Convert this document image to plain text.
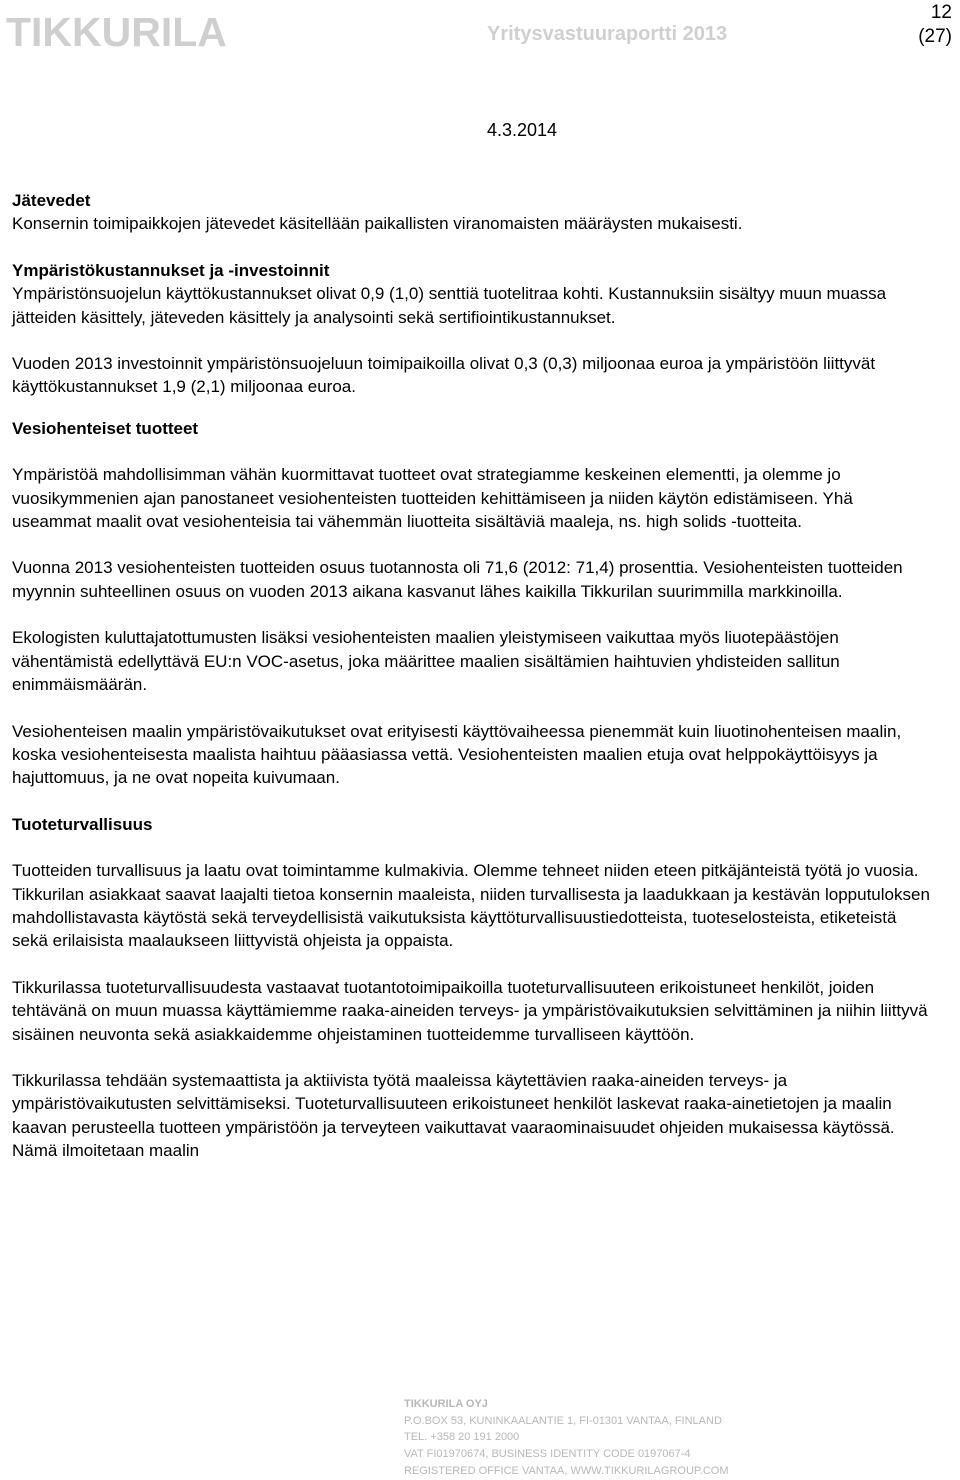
TIKKURILA	Yritysvastuuraportti 2013
12
(27)
4.3.2014
Jätevedet

Konsernin toimipaikkojen jätevedet käsitellään paikallisten viranomaisten määräysten mukaisesti.

Ympäristökustannukset ja -investoinnit

Ympäristönsuojelun käyttökustannukset olivat 0,9 (1,0) senttiä tuotelitraa kohti. Kustannuksiin sisältyy muun muassa jätteiden käsittely, jäteveden käsittely ja analysointi sekä sertifiointikustannukset.

Vuoden 2013 investoinnit ympäristönsuojeluun toimipaikoilla olivat 0,3 (0,3) miljoonaa euroa ja ympäristöön liittyvät käyttökustannukset 1,9 (2,1) miljoonaa euroa.

Vesiohenteiset tuotteet

Ympäristöä mahdollisimman vähän kuormittavat tuotteet ovat strategiamme keskeinen elementti, ja olemme jo vuosikymmenien ajan panostaneet vesiohenteisten tuotteiden kehittämiseen ja niiden käytön edistämiseen. Yhä useammat maalit ovat vesiohenteisia tai vähemmän liuotteita sisältäviä maaleja, ns. high solids -tuotteita.

Vuonna 2013 vesiohenteisten tuotteiden osuus tuotannosta oli 71,6 (2012: 71,4) prosenttia. Vesiohenteisten tuotteiden myynnin suhteellinen osuus on vuoden 2013 aikana kasvanut lähes kaikilla Tikkurilan suurimmilla markkinoilla.

Ekologisten kuluttajatottumusten lisäksi vesiohenteisten maalien yleistymiseen vaikuttaa myös liuotepäästöjen vähentämistä edellyttävä EU:n VOC-asetus, joka määrittee maalien sisältämien haihtuvien yhdisteiden sallitun enimmäismäärän.

Vesiohenteisen maalin ympäristövaikutukset ovat erityisesti käyttövaiheessa pienemmät kuin liuotinohenteisen maalin, koska vesiohenteisesta maalista haihtuu pääasiassa vettä. Vesiohenteisten maalien etuja ovat helppokäyttöisyys ja hajuttomuus, ja ne ovat nopeita kuivumaan.

Tuoteturvallisuus

Tuotteiden turvallisuus ja laatu ovat toimintamme kulmakivia. Olemme tehneet niiden eteen pitkäjänteistä työtä jo vuosia. Tikkurilan asiakkaat saavat laajalti tietoa konsernin maaleista, niiden turvallisesta ja laadukkaan ja kestävän lopputuloksen mahdollistavasta käytöstä sekä terveydellisistä vaikutuksista käyttöturvallisuustiedotteista, tuoteselosteista, etiketeistä sekä erilaisista maalaukseen liittyvistä ohjeista ja oppaista.

Tikkurilassa tuoteturvallisuudesta vastaavat tuotantotoimipaikoilla tuoteturvallisuuteen erikoistuneet henkilöt, joiden tehtävänä on muun muassa käyttämiemme raaka-aineiden terveys- ja ympäristövaikutuksien selvittäminen ja niihin liittyvä sisäinen neuvonta sekä asiakkaidemme ohjeistaminen tuotteidemme turvalliseen käyttöön.

Tikkurilassa tehdään systemaattista ja aktiivista työtä maaleissa käytettävien raaka-aineiden terveys- ja ympäristövaikutusten selvittämiseksi. Tuoteturvallisuuteen erikoistuneet henkilöt laskevat raaka-ainetietojen ja maalin kaavan perusteella tuotteen ympäristöön ja terveyteen vaikuttavat vaaraominaisuudet ohjeiden mukaisessa käytössä. Nämä ilmoitetaan maalin

TIKKURILA OYJ
P.O.BOX 53, KUNINKAALANTIE 1, FI-01301 VANTAA, FINLAND
TEL. +358 20 191 2000
VAT FI01970674, BUSINESS IDENTITY CODE 0197067-4
REGISTERED OFFICE VANTAA, WWW.TIKKURILAGROUP.COM
